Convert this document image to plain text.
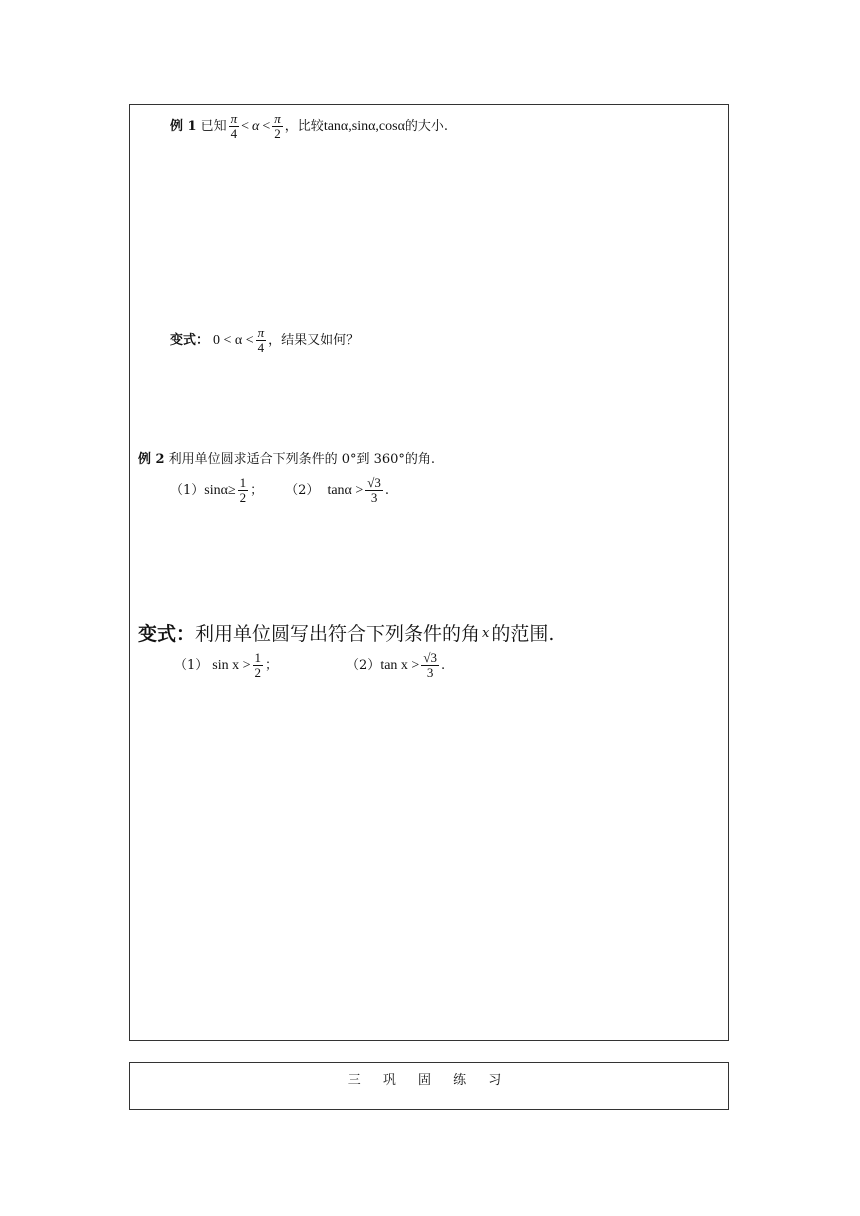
例 1 已知 $\frac{\pi}{4} < \alpha < \frac{\pi}{2}$ ，比较 tanα,sinα,cosα 的大小.
变式： $0 < \alpha < \frac{\pi}{4}$ ，结果又如何？
例 2 利用单位圆求适合下列条件的 0°到 360°的角.
（1） $\sin\alpha\ge \frac{1}{2}$ ； （2） $\tan\alpha > \frac{√3}{3}$ .
变式： 利用单位圆写出符合下列条件的角 x 的范围.
（1） $\sin x > \frac{1}{2}$ ；	（2） $\tan x > \frac{√3}{3}$ .
三 巩 固 练 习
